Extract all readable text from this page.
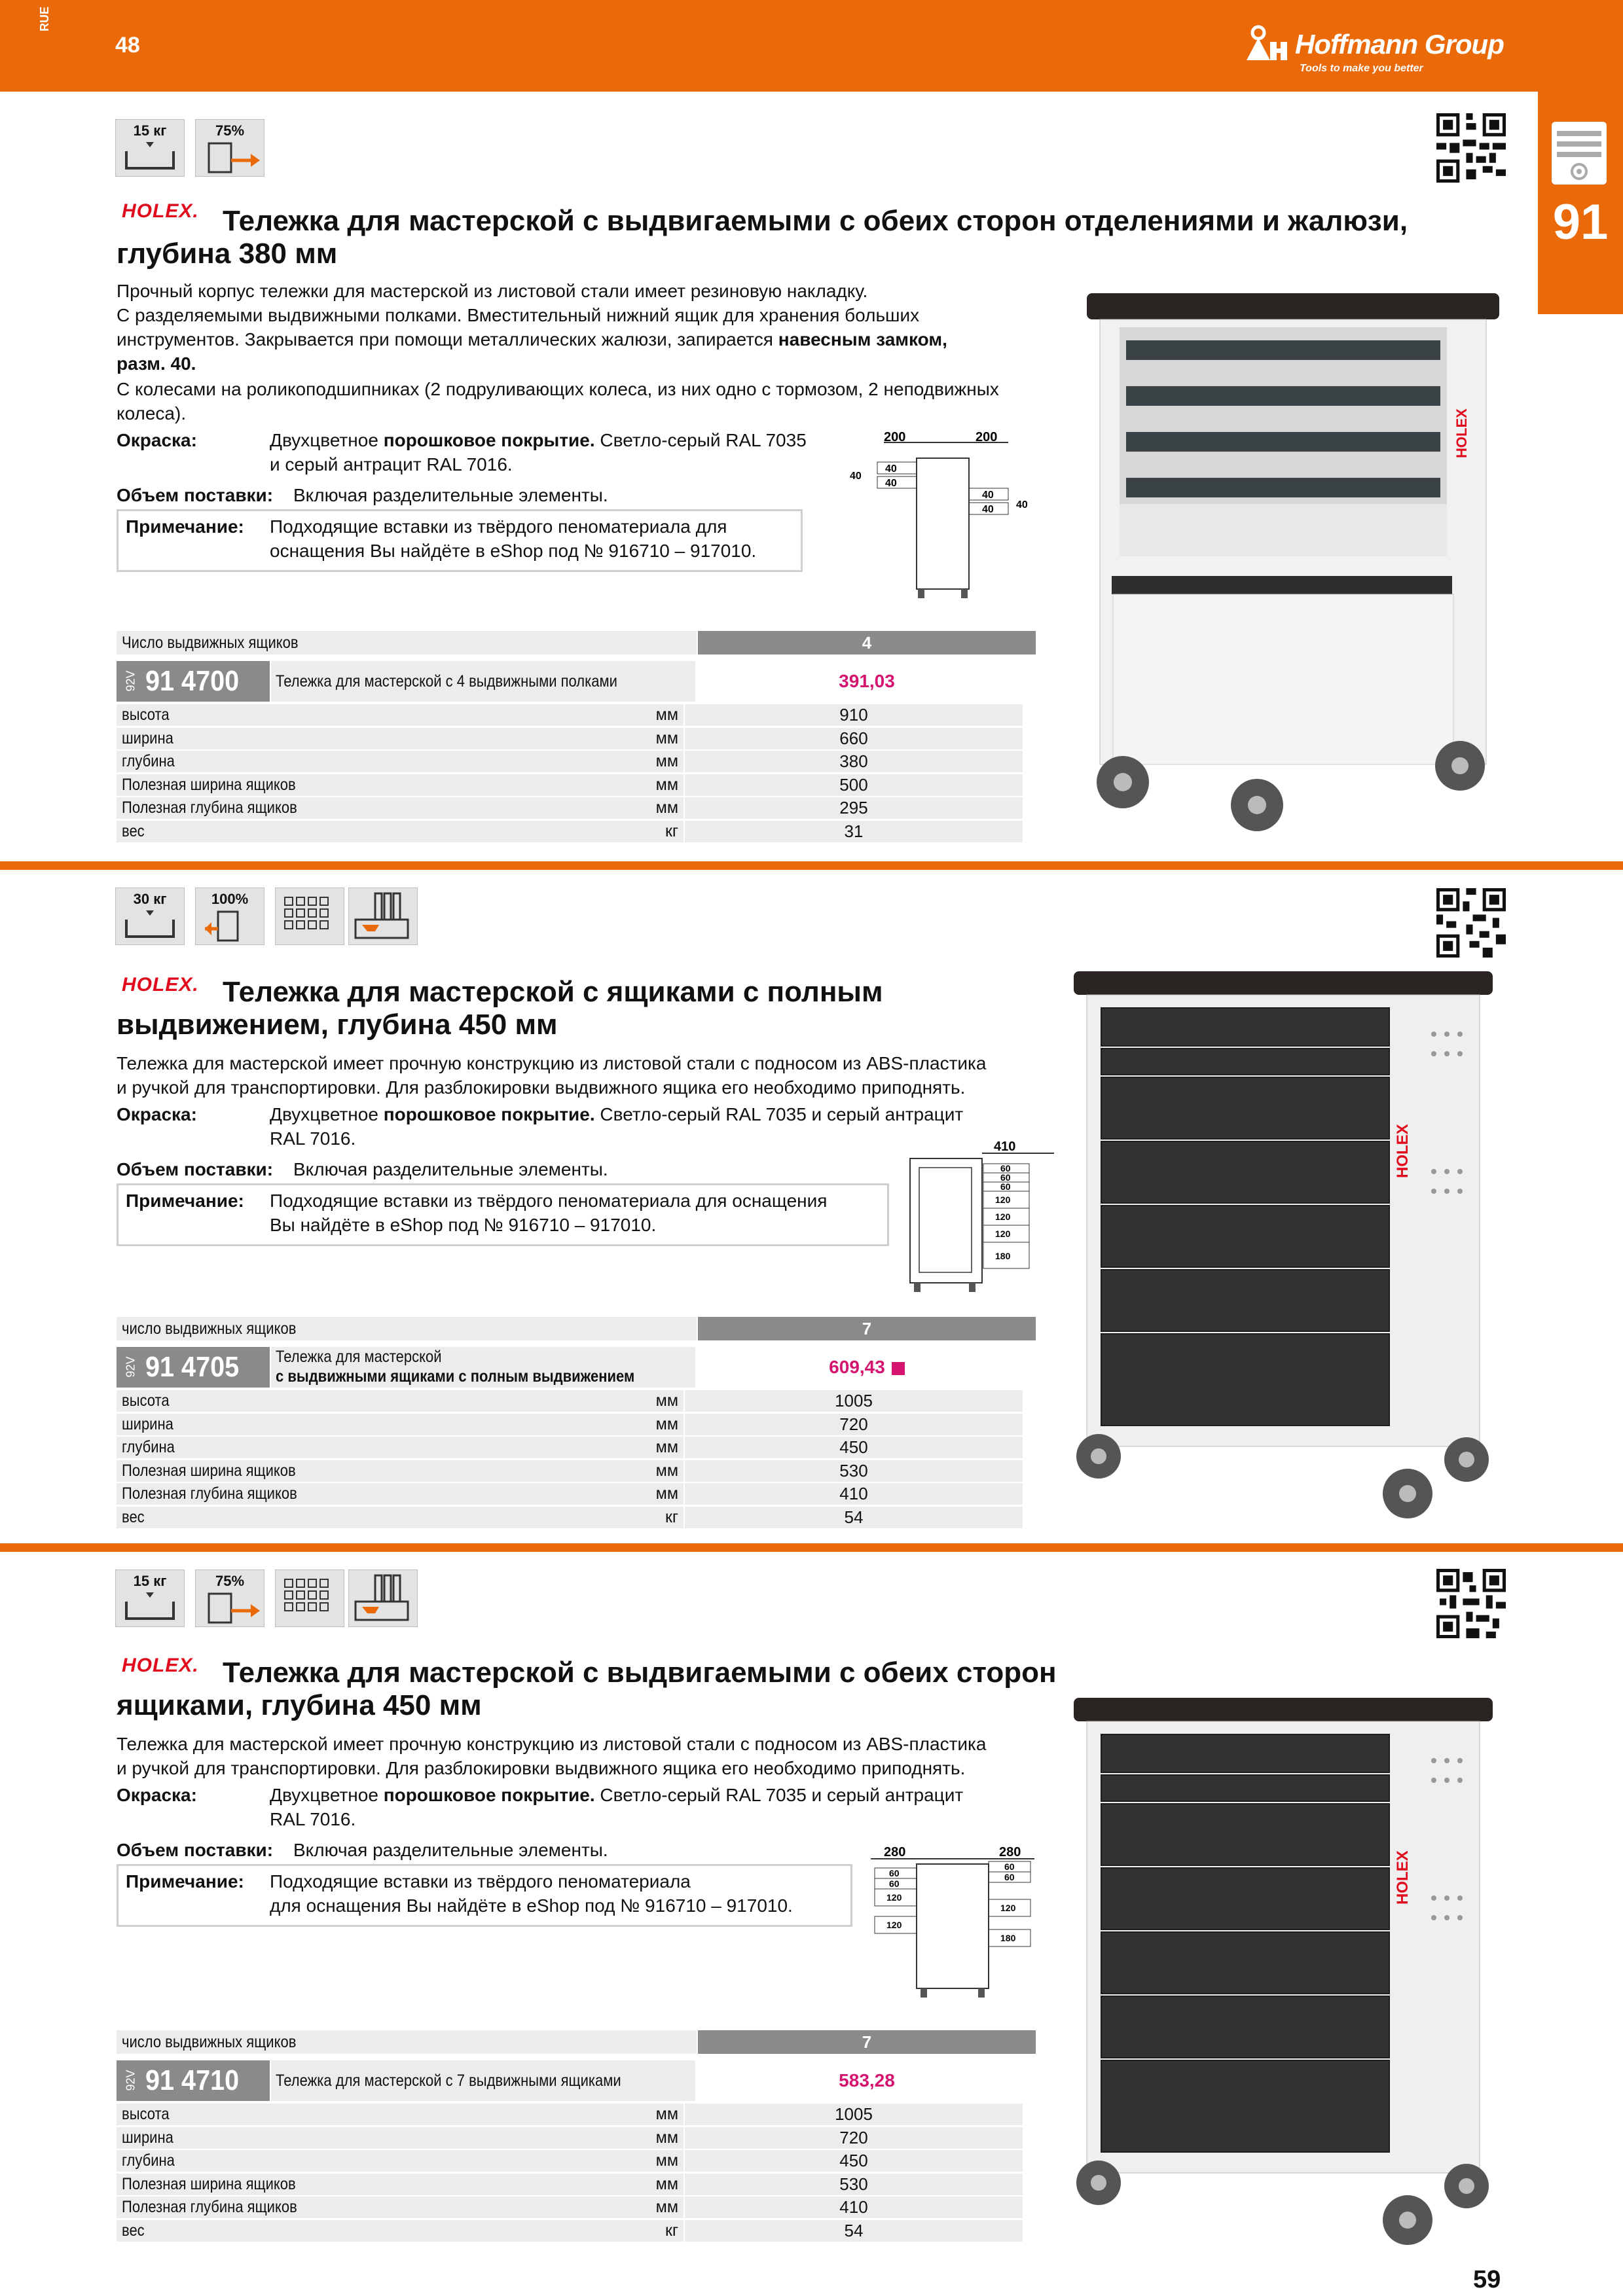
RUE
48	Hoffmann Group
Tools to make you better
91
15 кг	75%
HOLEX. Тележка для мастерской с выдвигаемыми с обеих сторон отделениями и жалюзи,
глубина 380 мм
Прочный корпус тележки для мастерской из листовой стали имеет резиновую накладку.
С разделяемыми выдвижными полками. Вместительный нижний ящик для хранения больших
инструментов. Закрывается при помощи металлических жалюзи, запирается навесным замком,
разм. 40.
С колесами на роликоподшипниках (2 подруливающих колеса, из них одно с тормозом, 2 неподвижных
колеса).
Окраска:	Двухцветное порошковое покрытие. Светло-серый RAL 7035
и серый антрацит RAL 7016.
Объем поставки: Включая разделительные элементы.
Примечание: Подходящие вставки из твёрдого пеноматериала для
оснащения Вы найдёте в eShop под № 916710 – 917010.
200	200
40
40
40
40
40 40
HOLEX
Число выдвижных ящиков	4
92V 91 4700 Тележка для мастерской с 4 выдвижными полками	391,03
высота	мм	910
ширина	мм	660
глубина	мм	380
Полезная ширина ящиков	мм	500
Полезная глубина ящиков	мм	295
вес	кг	31
30 кг	100%
HOLEX. Тележка для мастерской с ящиками с полным
выдвижением, глубина 450 мм
Тележка для мастерской имеет прочную конструкцию из листовой стали с подносом из ABS-пластика
и ручкой для транспортировки. Для разблокировки выдвижного ящика его необходимо приподнять.
Окраска:	Двухцветное порошковое покрытие. Светло-серый RAL 7035 и серый антрацит
RAL 7016.
Объем поставки: Включая разделительные элементы.
Примечание: Подходящие вставки из твёрдого пеноматериала для оснащения
Вы найдёте в eShop под № 916710 – 917010.
410
60
60
60
120
120
120
180
HOLEX
число выдвижных ящиков	7
92V 91 4705 Тележка для мастерской
с выдвижными ящиками с полным выдвижением	609,43
высота	мм	1005
ширина	мм	720
глубина	мм	450
Полезная ширина ящиков	мм	530
Полезная глубина ящиков	мм	410
вес	кг	54
15 кг	75%
HOLEX. Тележка для мастерской с выдвигаемыми с обеих сторон
ящиками, глубина 450 мм
Тележка для мастерской имеет прочную конструкцию из листовой стали с подносом из ABS-пластика
и ручкой для транспортировки. Для разблокировки выдвижного ящика его необходимо приподнять.
Окраска:	Двухцветное порошковое покрытие. Светло-серый RAL 7035 и серый антрацит
RAL 7016.
Объем поставки: Включая разделительные элементы.
Примечание: Подходящие вставки из твёрдого пеноматериала
для оснащения Вы найдёте в eShop под № 916710 – 917010.
280	280
60
60
60
60
120
120
120
180
HOLEX
число выдвижных ящиков	7
92V 91 4710 Тележка для мастерской с 7 выдвижными ящиками	583,28
высота	мм	1005
ширина	мм	720
глубина	мм	450
Полезная ширина ящиков	мм	530
Полезная глубина ящиков	мм	410
вес	кг	54
59
